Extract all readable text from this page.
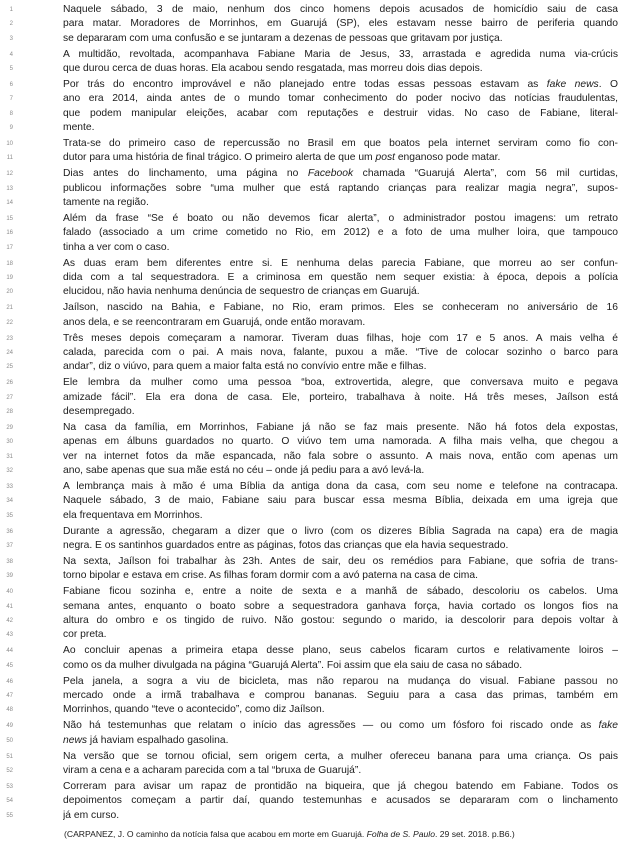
1	Naquele sábado, 3 de maio, nenhum dos cinco homens depois acusados de homicídio saiu de casa
2	para matar. Moradores de Morrinhos, em Guarujá (SP), eles estavam nesse bairro de periferia quando
3	se depararam com uma confusão e se juntaram a dezenas de pessoas que gritavam por justiça.
4	A multidão, revoltada, acompanhava Fabiane Maria de Jesus, 33, arrastada e agredida numa via-crúcis
5	que durou cerca de duas horas. Ela acabou sendo resgatada, mas morreu dois dias depois.
6	Por trás do encontro improvável e não planejado entre todas essas pessoas estavam as fake news. O
7	ano era 2014, ainda antes de o mundo tomar conhecimento do poder nocivo das notícias fraudulentas,
8	que podem manipular eleições, acabar com reputações e destruir vidas. No caso de Fabiane, literal-
9	mente.
10	Trata-se do primeiro caso de repercussão no Brasil em que boatos pela internet serviram como fio con-
11	dutor para uma história de final trágico. O primeiro alerta de que um post enganoso pode matar.
12	Dias antes do linchamento, uma página no Facebook chamada “Guarujá Alerta”, com 56 mil curtidas,
13	publicou informações sobre “uma mulher que está raptando crianças para realizar magia negra”, supos-
14	tamente na região.
15	Além da frase “Se é boato ou não devemos ficar alerta”, o administrador postou imagens: um retrato
16	falado (associado a um crime cometido no Rio, em 2012) e a foto de uma mulher loira, que tampouco
17	tinha a ver com o caso.
18	As duas eram bem diferentes entre si. E nenhuma delas parecia Fabiane, que morreu ao ser confun-
19	dida com a tal sequestradora. E a criminosa em questão nem sequer existia: à época, depois a polícia
20	elucidou, não havia nenhuma denúncia de sequestro de crianças em Guarujá.
21	Jaílson, nascido na Bahia, e Fabiane, no Rio, eram primos. Eles se conheceram no aniversário de 16
22	anos dela, e se reencontraram em Guarujá, onde então moravam.
23	Três meses depois começaram a namorar. Tiveram duas filhas, hoje com 17 e 5 anos. A mais velha é
24	calada, parecida com o pai. A mais nova, falante, puxou a mãe. “Tive de colocar sozinho o barco para
25	andar”, diz o viúvo, para quem a maior falta está no convívio entre mãe e filhas.
26	Ele lembra da mulher como uma pessoa “boa, extrovertida, alegre, que conversava muito e pegava
27	amizade fácil”. Ela era dona de casa. Ele, porteiro, trabalhava à noite. Há três meses, Jaílson está
28	desempregado.
29	Na casa da família, em Morrinhos, Fabiane já não se faz mais presente. Não há fotos dela expostas,
30	apenas em álbuns guardados no quarto. O viúvo tem uma namorada. A filha mais velha, que chegou a
31	ver na internet fotos da mãe espancada, não fala sobre o assunto. A mais nova, então com apenas um
32	ano, sabe apenas que sua mãe está no céu – onde já pediu para a avó levá-la.
33	A lembrança mais à mão é uma Bíblia da antiga dona da casa, com seu nome e telefone na contracapa.
34	Naquele sábado, 3 de maio, Fabiane saiu para buscar essa mesma Bíblia, deixada em uma igreja que
35	ela frequentava em Morrinhos.
36	Durante a agressão, chegaram a dizer que o livro (com os dizeres Bíblia Sagrada na capa) era de magia
37	negra. E os santinhos guardados entre as páginas, fotos das crianças que ela havia sequestrado.
38	Na sexta, Jaílson foi trabalhar às 23h. Antes de sair, deu os remédios para Fabiane, que sofria de trans-
39	torno bipolar e estava em crise. As filhas foram dormir com a avó paterna na casa de cima.
40	Fabiane ficou sozinha e, entre a noite de sexta e a manhã de sábado, descoloriu os cabelos. Uma
41	semana antes, enquanto o boato sobre a sequestradora ganhava força, havia cortado os longos fios na
42	altura do ombro e os tingido de ruivo. Não gostou: segundo o marido, ia descolorir para depois voltar à
43	cor preta.
44	Ao concluir apenas a primeira etapa desse plano, seus cabelos ficaram curtos e relativamente loiros –
45	como os da mulher divulgada na página “Guarujá Alerta”. Foi assim que ela saiu de casa no sábado.
46	Pela janela, a sogra a viu de bicicleta, mas não reparou na mudança do visual. Fabiane passou no
47	mercado onde a irmã trabalhava e comprou bananas. Seguiu para a casa das primas, também em
48	Morrinhos, quando “teve o acontecido”, como diz Jaílson.
49	Não há testemunhas que relatam o início das agressões — ou como um fósforo foi riscado onde as fake
50	news já haviam espalhado gasolina.
51	Na versão que se tornou oficial, sem origem certa, a mulher ofereceu banana para uma criança. Os pais
52	viram a cena e a acharam parecida com a tal “bruxa de Guarujá”.
53	Correram para avisar um rapaz de prontidão na biqueira, que já chegou batendo em Fabiane. Todos os
54	depoimentos começam a partir daí, quando testemunhas e acusados se depararam com o linchamento
55	já em curso.
(CARPANEZ, J. O caminho da notícia falsa que acabou em morte em Guarujá. Folha de S. Paulo. 29 set. 2018. p.B6.)
